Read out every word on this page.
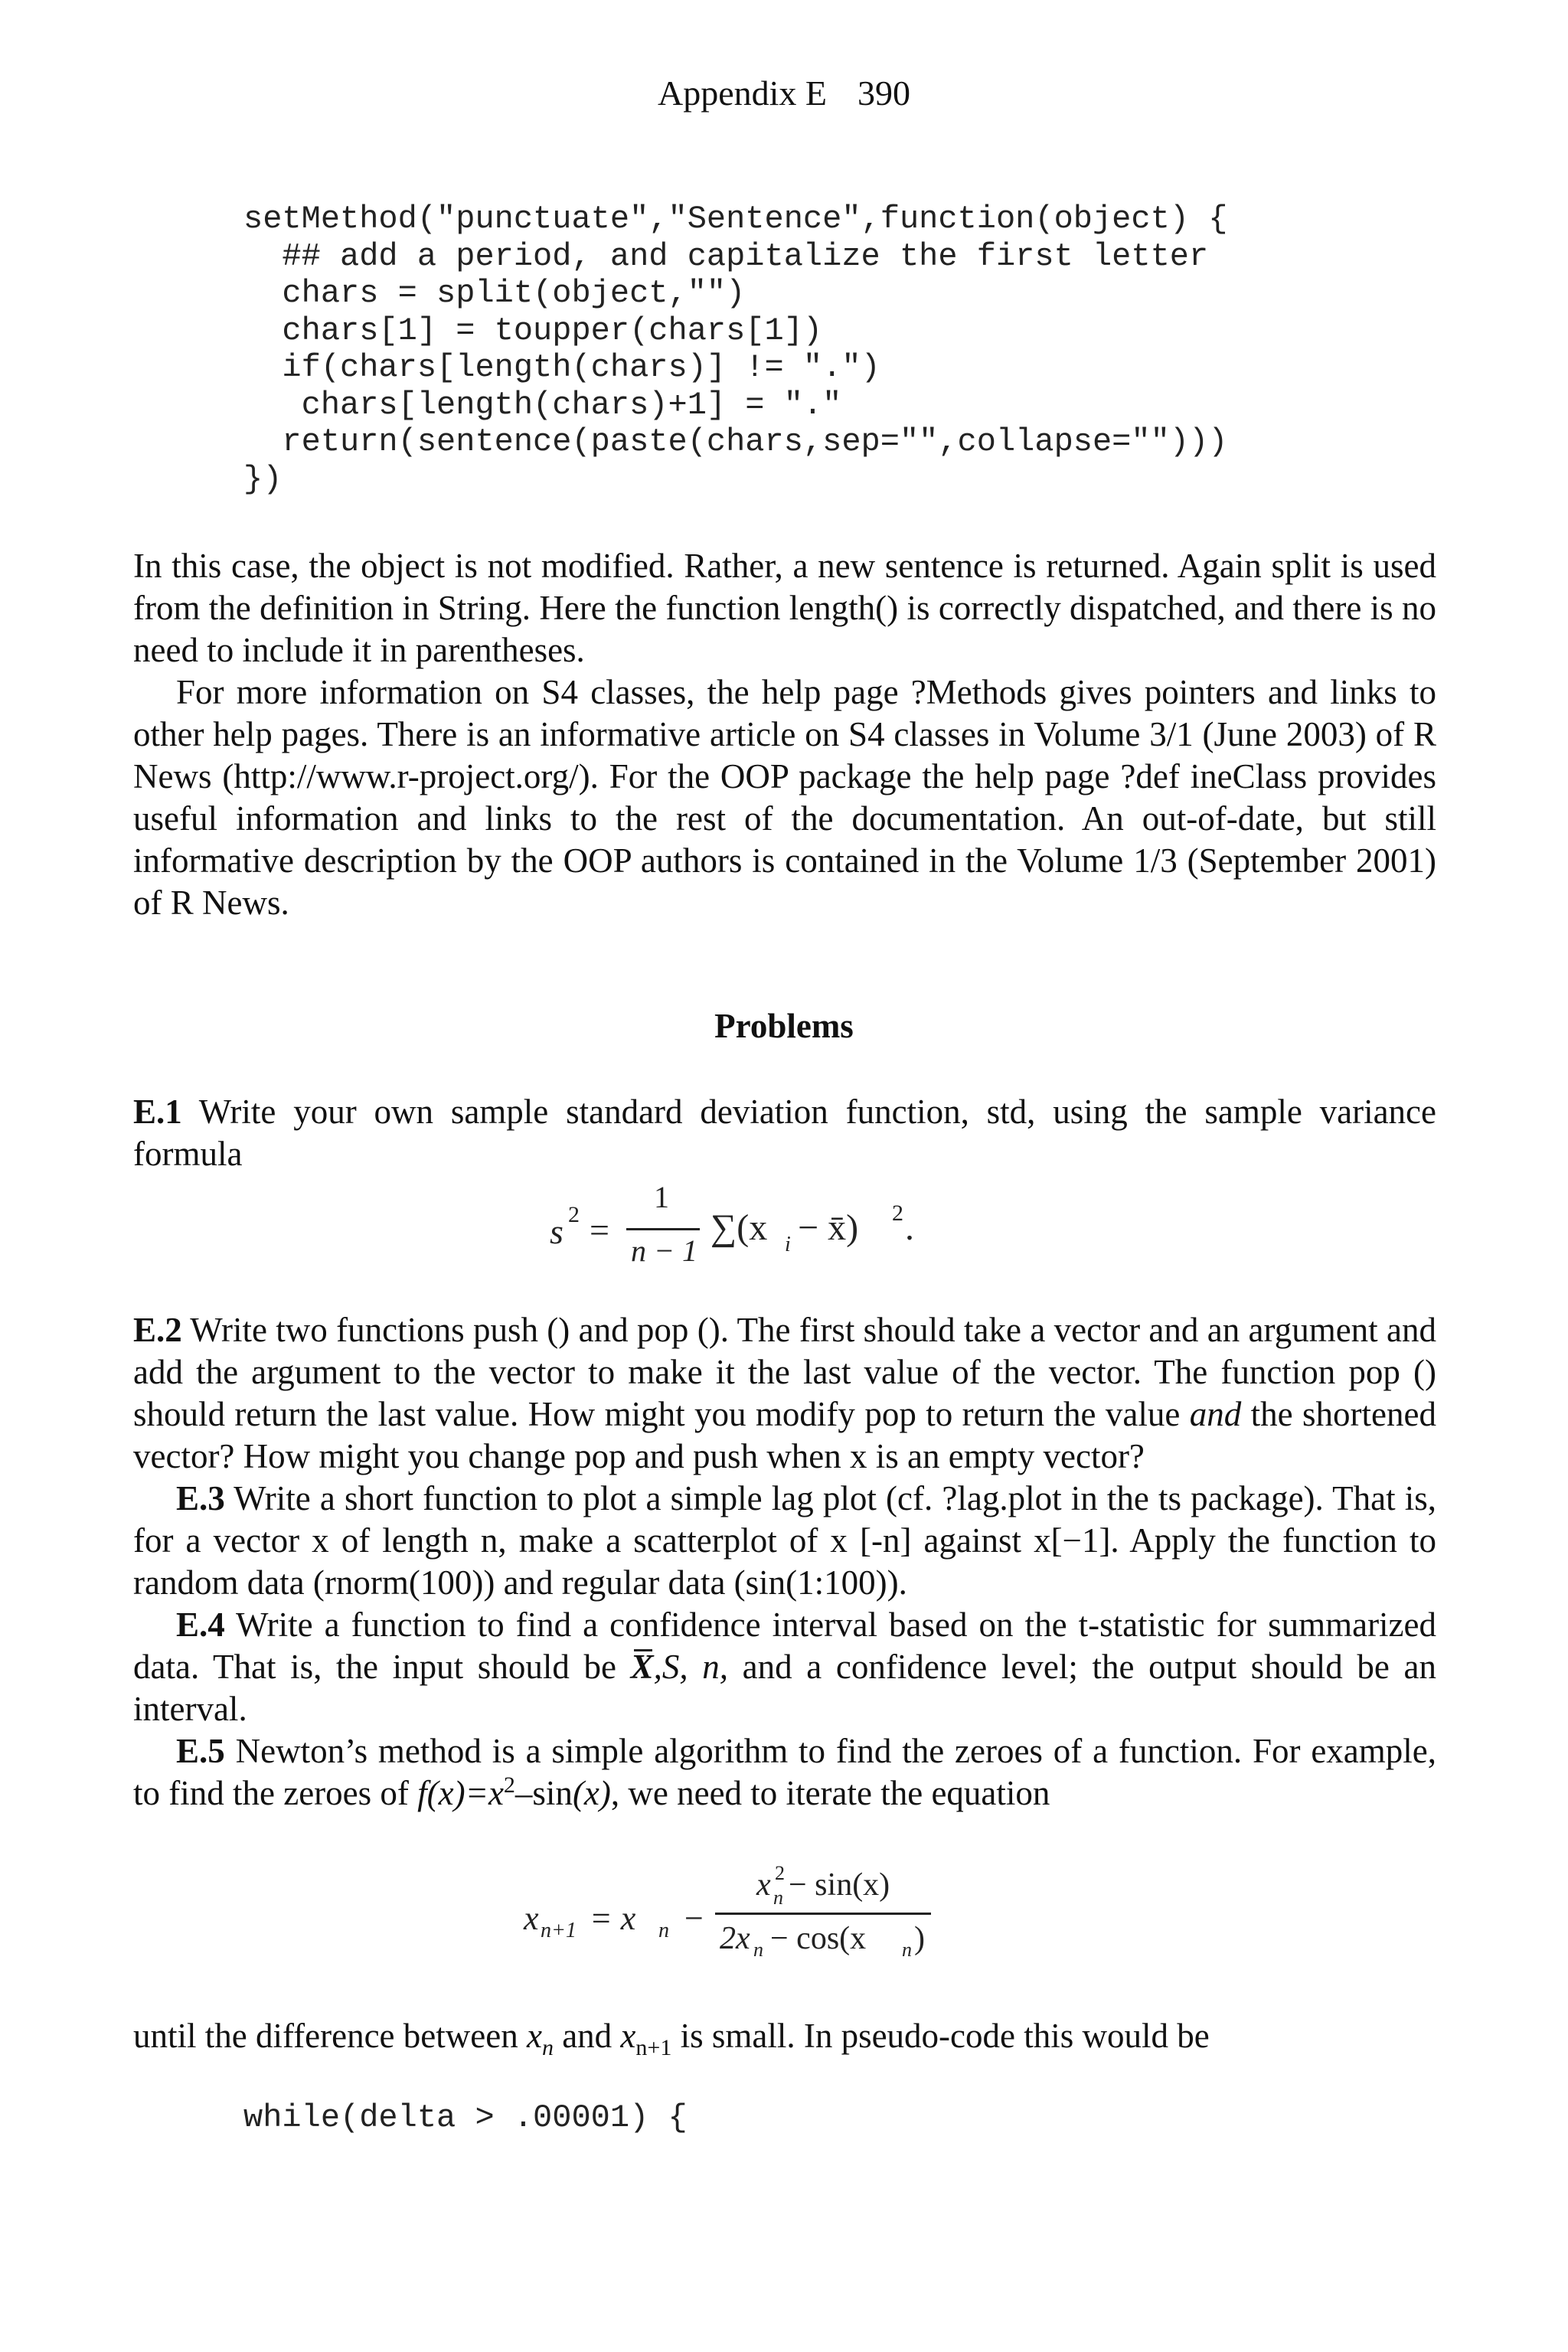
Appendix E 390
setMethod("punctuate","Sentence",function(object) {
## add a period, and capitalize the first letter
chars = split(object,"")
chars[1] = toupper(chars[1])
if(chars[length(chars)] != ".")
chars[length(chars)+1] = "."
return(sentence(paste(chars,sep="",collapse="")))
})

In this case, the object is not modified. Rather, a new sentence is returned. Again split is used from the definition in String. Here the function length() is correctly dispatched, and there is no need to include it in parentheses.

For more information on S4 classes, the help page ?Methods gives pointers and links to other help pages. There is an informative article on S4 classes in Volume 3/1 (June 2003) of R News (http://www.r-project.org/). For the OOP package the help page ?def ineClass provides useful information and links to the rest of the documentation. An out-of-date, but still informative description by the OOP authors is contained in the Volume 1/3 (September 2001) of R News.

Problems

E.1 Write your own sample standard deviation function, std, using the sample variance formula

s 2 =
1
n − 1
∑(x i − x̄) 2 .

E.2 Write two functions push () and pop (). The first should take a vector and an argument and add the argument to the vector to make it the last value of the vector. The function pop () should return the last value. How might you modify pop to return the value and the shortened vector? How might you change pop and push when x is an empty vector?

E.3 Write a short function to plot a simple lag plot (cf. ?lag.plot in the ts package). That is, for a vector x of length n, make a scatterplot of x [-n] against x[−1]. Apply the function to random data (rnorm(100)) and regular data (sin(1:100)).

E.4 Write a function to find a confidence interval based on the t-statistic for summarized data. That is, the input should be X,S, n, and a confidence level; the output should be an interval.

E.5 Newton’s method is a simple algorithm to find the zeroes of a function. For example, to find the zeroes of $f(x)=x^2-\sin(x)$, we need to iterate the equation

x n+1 = x n −
x 2
n − sin(x)
2x n − cos(x n )

until the difference between $x_n$ and $x_{n+1}$ is small. In pseudo-code this would be

while(delta > .00001) {
